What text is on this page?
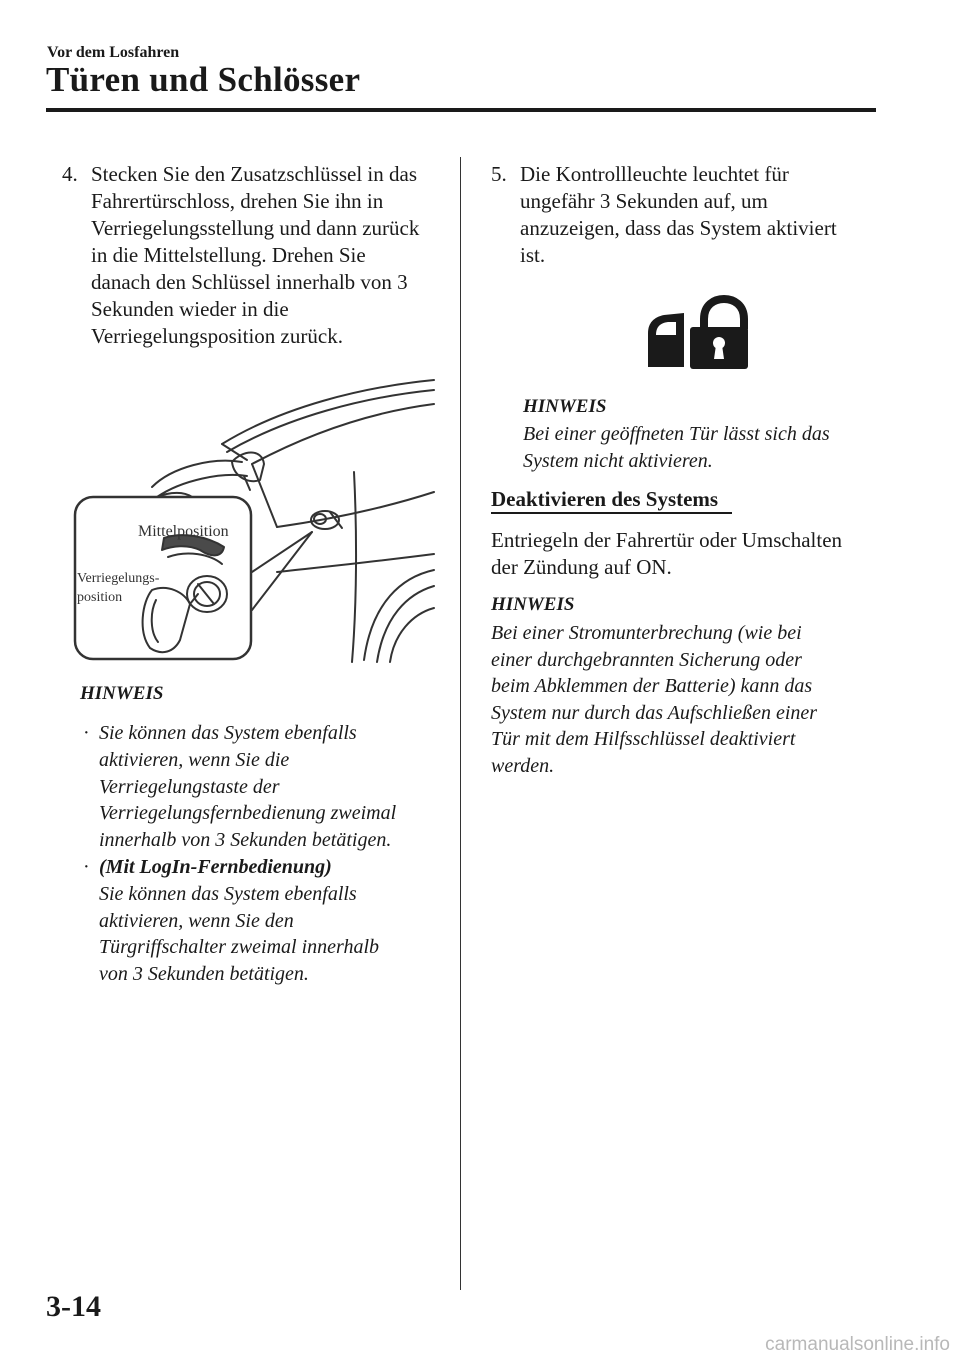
Vor dem Losfahren
Türen und Schlösser
4. Stecken Sie den Zusatzschlüssel in das
Fahrertürschloss, drehen Sie ihn in
Verriegelungsstellung und dann zurück
in die Mittelstellung. Drehen Sie
danach den Schlüssel innerhalb von 3
Sekunden wieder in die
Verriegelungsposition zurück.
Mittelposition
Verriegelungs-
position
HINWEIS
· Sie können das System ebenfalls
aktivieren, wenn Sie die
Verriegelungstaste der
Verriegelungsfernbedienung zweimal
innerhalb von 3 Sekunden betätigen.
· (Mit LogIn-Fernbedienung)
Sie können das System ebenfalls
aktivieren, wenn Sie den
Türgriffschalter zweimal innerhalb
von 3 Sekunden betätigen.
5. Die Kontrollleuchte leuchtet für
ungefähr 3 Sekunden auf, um
anzuzeigen, dass das System aktiviert
ist.
HINWEIS
Bei einer geöffneten Tür lässt sich das
System nicht aktivieren.
Deaktivieren des Systems
Entriegeln der Fahrertür oder Umschalten
der Zündung auf ON.
HINWEIS
Bei einer Stromunterbrechung (wie bei
einer durchgebrannten Sicherung oder
beim Abklemmen der Batterie) kann das
System nur durch das Aufschließen einer
Tür mit dem Hilfsschlüssel deaktiviert
werden.
3-14
carmanualsonline.info
